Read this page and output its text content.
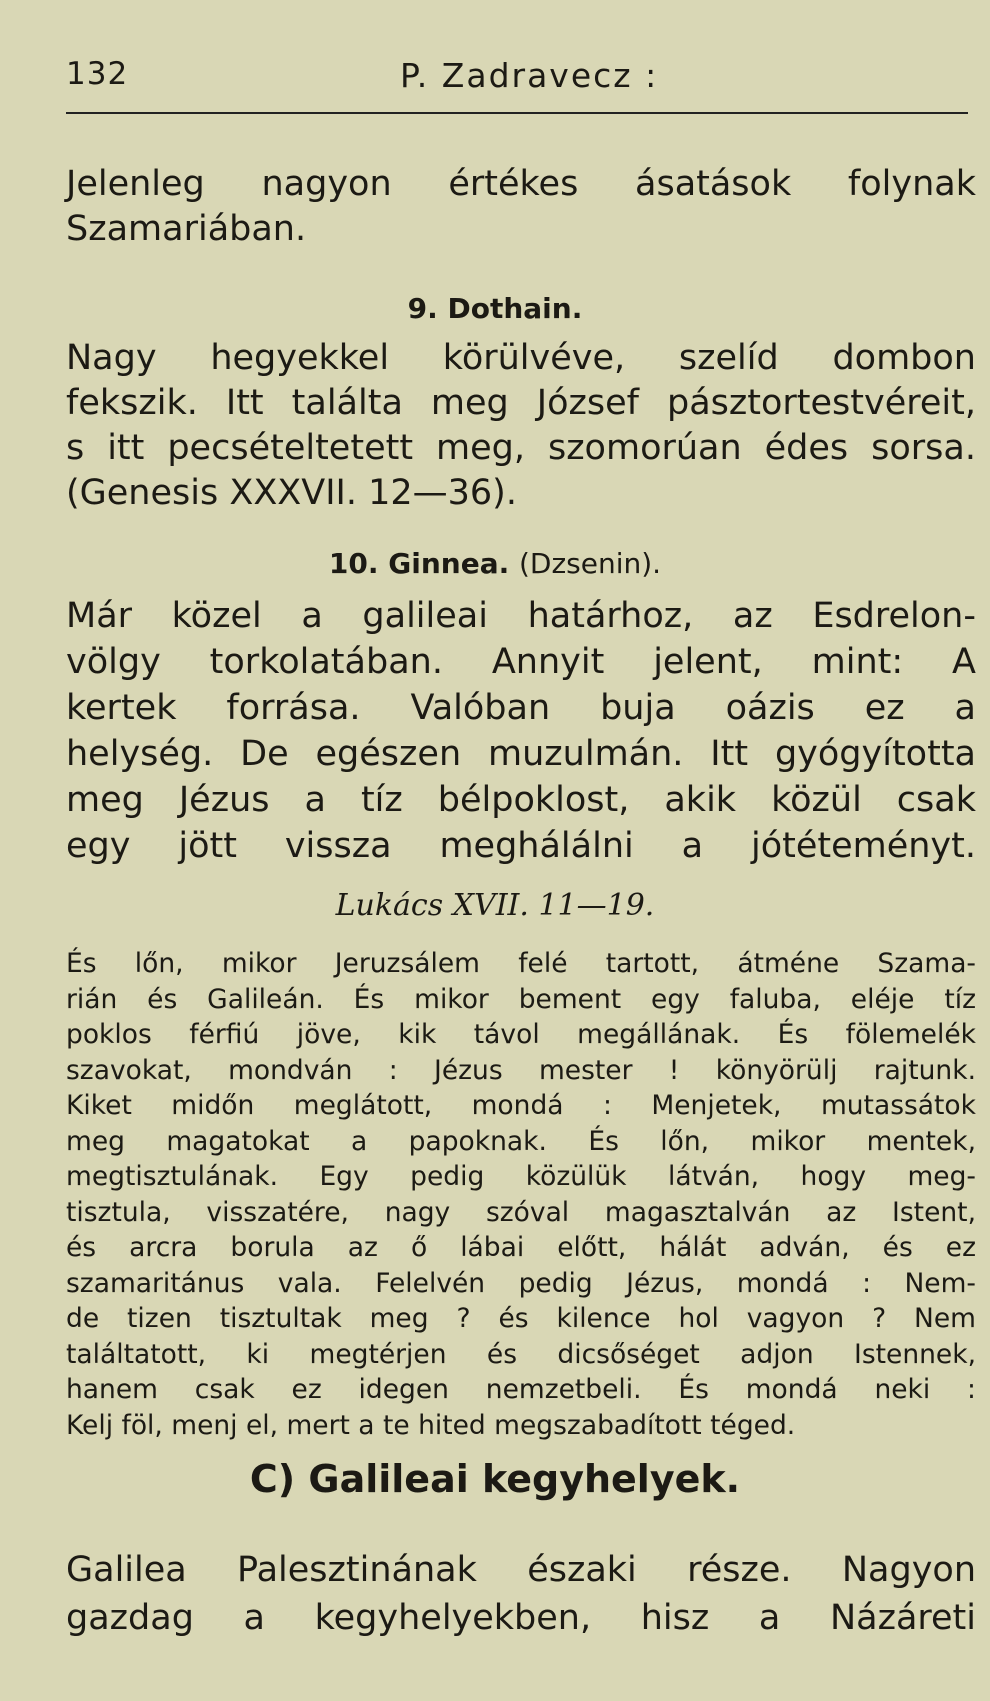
132	P. Zadravecz :

Jelenleg nagyon értékes ásatások folynak

Szamariában.

9. Dothain.

Nagy hegyekkel körülvéve, szelíd dombon

fekszik. Itt találta meg József pásztortestvéreit,

s itt pecsételtetett meg, szomorúan édes sorsa.

(Genesis XXXVII. 12—36).

10. Ginnea. (Dzsenin).

Már közel a galileai határhoz, az Esdrelon-

völgy torkolatában. Annyit jelent, mint: A

kertek forrása. Valóban buja oázis ez a

helység. De egészen muzulmán. Itt gyógyította

meg Jézus a tíz bélpoklost, akik közül csak

egy jött vissza meghálálni a jótéteményt.

Lukács XVII. 11—19.

És lőn, mikor Jeruzsálem felé tartott, átméne Szama-

rián és Galileán. És mikor bement egy faluba, eléje tíz

poklos férfiú jöve, kik távol megállának. És fölemelék

szavokat, mondván : Jézus mester ! könyörülj rajtunk.

Kiket midőn meglátott, mondá : Menjetek, mutassátok

meg magatokat a papoknak. És lőn, mikor mentek,

megtisztulának. Egy pedig közülük látván, hogy meg-

tisztula, visszatére, nagy szóval magasztalván az Istent,

és arcra borula az ő lábai előtt, hálát adván, és ez

szamaritánus vala. Felelvén pedig Jézus, mondá : Nem-

de tizen tisztultak meg ? és kilence hol vagyon ? Nem

találtatott, ki megtérjen és dicsőséget adjon Istennek,

hanem csak ez idegen nemzetbeli. És mondá neki :

Kelj föl, menj el, mert a te hited megszabadított téged.

C) Galileai kegyhelyek.

Galilea Palesztinának északi része. Nagyon

gazdag a kegyhelyekben, hisz a Názáreti
